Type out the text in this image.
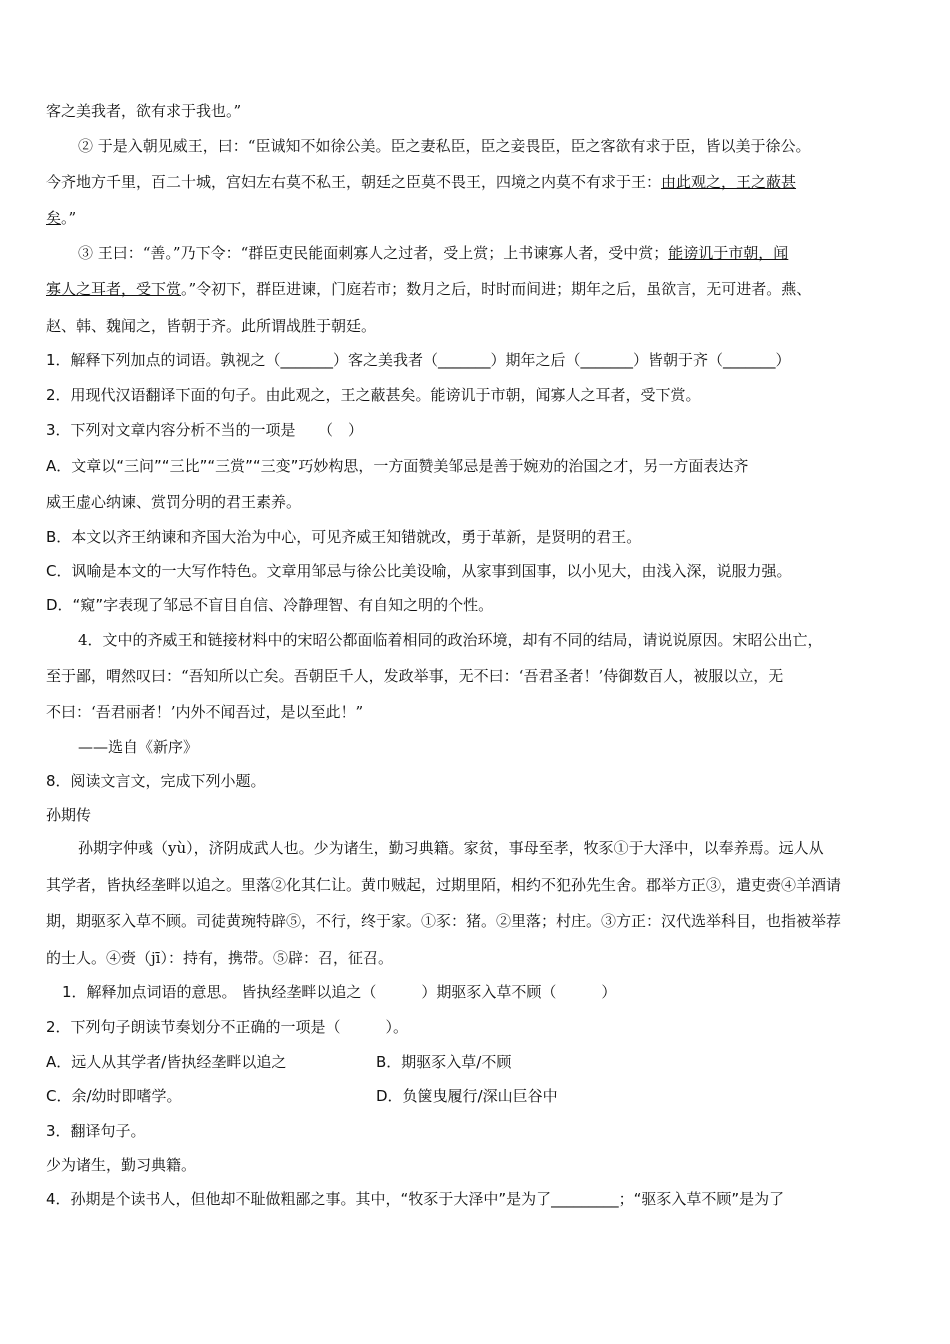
客之美我者，欲有求于我也。”
② 于是入朝见威王，曰：“臣诚知不如徐公美。臣之妻私臣，臣之妾畏臣，臣之客欲有求于臣，皆以美于徐公。
今齐地方千里，百二十城，宫妇左右莫不私王，朝廷之臣莫不畏王，四境之内莫不有求于王：由此观之，王之蔽甚
矣。”
③ 王曰：“善。”乃下令：“群臣吏民能面刺寡人之过者，受上赏；上书谏寡人者，受中赏；能谤讥于市朝，闻
寡人之耳者，受下赏。”令初下，群臣进谏，门庭若市；数月之后，时时而间进；期年之后，虽欲言，无可进者。燕、
赵、韩、魏闻之，皆朝于齐。此所谓战胜于朝廷。
1．解释下列加点的词语。孰视之（_______）客之美我者（_______）期年之后（_______）皆朝于齐（_______）
2．用现代汉语翻译下面的句子。由此观之，王之蔽甚矣。能谤讥于市朝，闻寡人之耳者，受下赏。
3．下列对文章内容分析不当的一项是　　（　）
A．文章以“三问”“三比”“三赏”“三变”巧妙构思，一方面赞美邹忌是善于婉劝的治国之才，另一方面表达齐
威王虚心纳谏、赏罚分明的君王素养。
B．本文以齐王纳谏和齐国大治为中心，可见齐威王知错就改，勇于革新，是贤明的君王。
C．讽喻是本文的一大写作特色。文章用邹忌与徐公比美设喻，从家事到国事，以小见大，由浅入深，说服力强。
D．“窥”字表现了邹忌不盲目自信、冷静理智、有自知之明的个性。
4．文中的齐威王和链接材料中的宋昭公都面临着相同的政治环境，却有不同的结局，请说说原因。宋昭公出亡，
至于鄙，喟然叹曰：“吾知所以亡矣。吾朝臣千人，发政举事，无不曰：‘吾君圣者！’侍御数百人，被服以立，无
不曰：‘吾君丽者！’内外不闻吾过，是以至此！”
——选自《新序》
8．阅读文言文，完成下列小题。
孙期传
孙期字仲彧（yù），济阴成武人也。少为诸生，勤习典籍。家贫，事母至孝，牧豕①于大泽中，以奉养焉。远人从
其学者，皆执经垄畔以追之。里落②化其仁让。黄巾贼起，过期里陌，相约不犯孙先生舍。郡举方正③，遣吏赍④羊酒请
期，期驱豕入草不顾。司徒黄琬特辟⑤，不行，终于家。①豕：猪。②里落；村庄。③方正：汉代选举科目，也指被举荐
的士人。④赍（jī）：持有，携带。⑤辟：召，征召。
1．解释加点词语的意思。 皆执经垄畔以追之（　　　）期驱豕入草不顾（　　　）
2．下列句子朗读节奏划分不正确的一项是（　　　）。
A．远人从其学者/皆执经垄畔以追之	B．期驱豕入草/不顾
C．余/幼时即嗜学。	D．负箧曳履行/深山巨谷中
3．翻译句子。
少为诸生，勤习典籍。
4．孙期是个读书人，但他却不耻做粗鄙之事。其中，“牧豕于大泽中”是为了_________；“驱豕入草不顾”是为了
